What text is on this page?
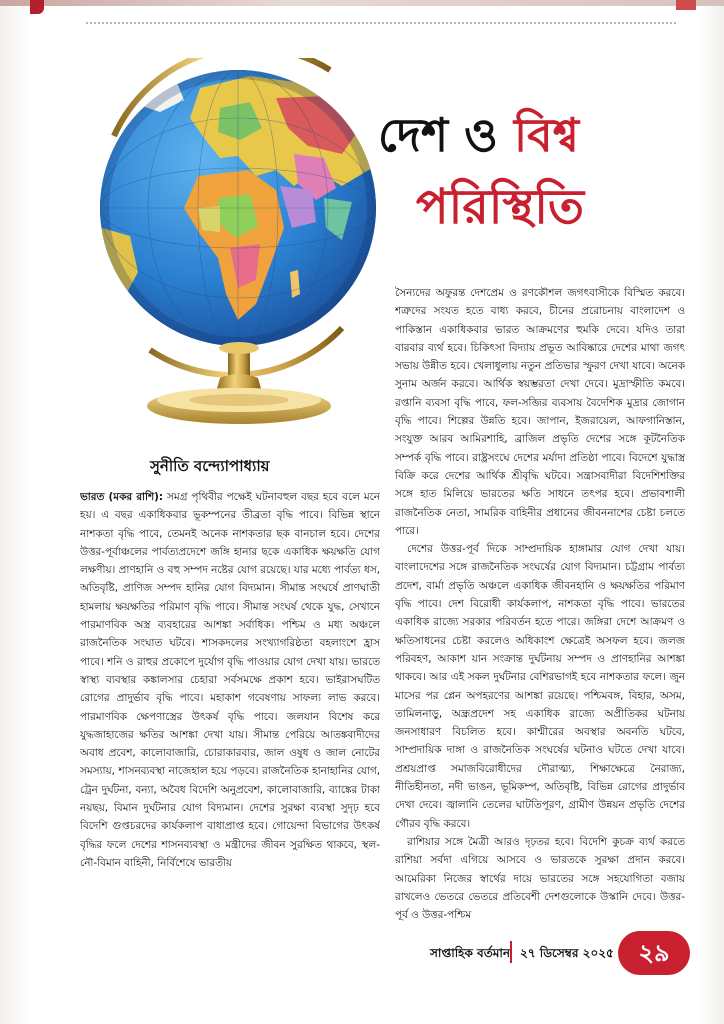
দেশ ও বিশ্ব
পরিস্থিতি
সুনীতি বন্দ্যোপাধ্যায়

ভারত (মকর রাশি): সমগ্র পৃথিবীর পক্ষেই ঘটনাবহুল বছর হবে বলে মনে হয়। এ বছর একাধিকবার ভূকম্পনের তীব্রতা বৃদ্ধি পাবে। বিভিন্ন স্থানে নাশকতা বৃদ্ধি পাবে, তেমনই অনেক নাশকতার ছক বানচাল হবে। দেশের উত্তর-পূর্বাঞ্চলের পার্বত্যপ্রদেশে জঙ্গি হানার ছকে একাধিক ক্ষয়ক্ষতি যোগ লক্ষণীয়। প্রাণহানি ও বহু সম্পদ নষ্টের যোগ রয়েছে। যার মধ্যে পার্বত্য ধস, অতিবৃষ্টি, প্রাণিজ সম্পদ হানির যোগ বিদ্যমান। সীমান্ত সংঘর্ষে প্রাণঘাতী হামলায় ক্ষয়ক্ষতির পরিমাণ বৃদ্ধি পাবে। সীমান্ত সংঘর্ষ থেকে যুদ্ধ, সেখানে পারমাণবিক অস্ত্র ব্যবহারের আশঙ্কা সর্বাধিক। পশ্চিম ও মধ্য অঞ্চলে রাজনৈতিক সংঘাত ঘটবে। শাসকদলের সংখ্যাগরিষ্ঠতা বহলাংশে হ্রাস পাবে। শনি ও রাহুর প্রকোপে দুর্যোগ বৃদ্ধি পাওয়ার যোগ দেখা যায়। ভারতে স্বাস্থ্য ব্যবস্থার কঙ্কালসার চেহারা সর্বসমক্ষে প্রকাশ হবে। ভাইরাসঘটিত রোগের প্রাদুর্ভাব বৃদ্ধি পাবে। মহাকাশ গবেষণায় সাফল্য লাভ করবে। পারমাণবিক ক্ষেপণাস্ত্রের উৎকর্ষ বৃদ্ধি পাবে। জলযান বিশেষ করে যুদ্ধজাহাজের ক্ষতির আশঙ্কা দেখা যায়। সীমান্ত পেরিয়ে আতঙ্কবাদীদের অবাধ প্রবেশ, কালোবাজারি, চোরাকারবার, জাল ওষুধ ও জাল নোটের সমস্যায়, শাসনব্যবস্থা নাজেহাল হয়ে পড়বে। রাজনৈতিক হানাহানির যোগ, ট্রেন দুর্ঘটনা, বন্যা, অবৈধ বিদেশি অনুপ্রবেশ, কালোবাজারি, ব্যাঙ্কের টাকা নয়ছয়, বিমান দুর্ঘটনার যোগ বিদ্যমান। দেশের সুরক্ষা ব্যবস্থা সুদৃঢ় হবে বিদেশি গুপ্তচরদের কার্যকলাপ বাধাপ্রাপ্ত হবে। গোয়েন্দা বিভাগের উৎকর্ষ বৃদ্ধির ফলে দেশের শাসনব্যবস্থা ও মন্ত্রীদের জীবন সুরক্ষিত থাকবে, স্থল- নৌ-বিমান বাহিনী, নির্বিশেষে ভারতীয়

সৈন্যদের অফুরন্ত দেশপ্রেম ও রণকৌশল জগৎবাসীকে বিস্মিত করবে। শত্রুদের সংযত হতে বাধ্য করবে, চীনের প্ররোচনায় বাংলাদেশ ও পাকিস্তান একাধিকবার ভারত আক্রমণের হুমকি দেবে। যদিও তারা বারবার ব্যর্থ হবে। চিকিৎসা বিদ্যায় প্রভূত আবিষ্কারে দেশের মাথা জগৎ সভায় উন্নীত হবে। খেলাধুলায় নতুন প্রতিভার স্ফুরণ দেখা যাবে। অনেক সুনাম অর্জন করবে। আর্থিক স্বয়ম্ভরতা দেখা দেবে। মুদ্রাস্ফীতি কমবে। রপ্তানি ব্যবসা বৃদ্ধি পাবে, ফল-সব্জির ব্যবসায় বৈদেশিক মুদ্রার জোগান বৃদ্ধি পাবে। শিল্পের উন্নতি হবে। জাপান, ইজরায়েল, আফগানিস্তান, সংযুক্ত আরব আমিরশাহি, ব্রাজিল প্রভৃতি দেশের সঙ্গে কূটনৈতিক সম্পর্ক বৃদ্ধি পাবে। রাষ্ট্রসংঘে দেশের মর্যাদা প্রতিষ্ঠা পাবে। বিদেশে যুদ্ধাস্ত্র বিক্রি করে দেশের আর্থিক শ্রীবৃদ্ধি ঘটবে। সন্ত্রাসবাদীরা বিদেশিশক্তির সঙ্গে হাত মিলিয়ে ভারতের ক্ষতি সাধনে তৎপর হবে। প্রভাবশালী রাজনৈতিক নেতা, সামরিক বাহিনীর প্রধানের জীবননাশের চেষ্টা চলতে পারে।

দেশের উত্তর-পূর্ব দিকে সাম্প্রদায়িক হাঙ্গামার যোগ দেখা যায়। বাংলাদেশের সঙ্গে রাজনৈতিক সংঘর্ষের যোগ বিদ্যমান। চট্টগ্রাম পার্বত্য প্রদেশ, বার্মা প্রভৃতি অঞ্চলে একাধিক জীবনহানি ও ক্ষয়ক্ষতির পরিমাণ বৃদ্ধি পাবে। দেশ বিরোধী কার্যকলাপ, নাশকতা বৃদ্ধি পাবে। ভারতের একাধিক রাজ্যে সরকার পরিবর্তন হতে পারে। জঙ্গিরা দেশে আক্রমণ ও ক্ষতিসাধনের চেষ্টা করলেও অধিকাংশ ক্ষেত্রেই অসফল হবে। জলজ পরিবহণ, আকাশ যান সংক্রান্ত দুর্ঘটনায় সম্পদ ও প্রাণহানির আশঙ্কা থাকবে। আর এই সকল দুর্ঘটনার বেশিরভাগই হবে নাশকতার ফলে। জুন মাসের পর প্লেন অপহরণের আশঙ্কা রয়েছে। পশ্চিমবঙ্গ, বিহার, অসম, তামিলনাড়ু, অন্ধ্রপ্রদেশ সহ একাধিক রাজ্যে অপ্রীতিকর ঘটনায় জনসাধারণ বিচলিত হবে। কাশ্মীরের অবস্থার অবনতি ঘটবে, সাম্প্রদায়িক দাঙ্গা ও রাজনৈতিক সংঘর্ষের ঘটনাও ঘটতে দেখা যাবে। প্রশ্রয়প্রাপ্ত সমাজবিরোধীদের দৌরাত্ম্য, শিক্ষাক্ষেত্রে নৈরাজ্য, নীতিহীনতা, নদী ভাঙন, ভূমিকম্প, অতিবৃষ্টি, বিভিন্ন রোগের প্রাদুর্ভাব দেখা দেবে। জ্বালানি তেলের ঘাটতিপূরণ, গ্রামীণ উন্নয়ন প্রভৃতি দেশের গৌরব বৃদ্ধি করবে।

রাশিয়ার সঙ্গে মৈত্রী আরও দৃঢ়তর হবে। বিদেশি কুচক্র ব্যর্থ করতে রাশিয়া সর্বদা এগিয়ে আসবে ও ভারতকে সুরক্ষা প্রদান করবে। আমেরিকা নিজের স্বার্থের দায়ে ভারতের সঙ্গে সহযোগিতা বজায় রাখলেও ভেতরে ভেতরে প্রতিবেশী দেশগুলোকে উস্কানি দেবে। উত্তর-পূর্ব ও উত্তর-পশ্চিম

সাপ্তাহিক বর্তমান ২৭ ডিসেম্বর ২০২৫	২৯
